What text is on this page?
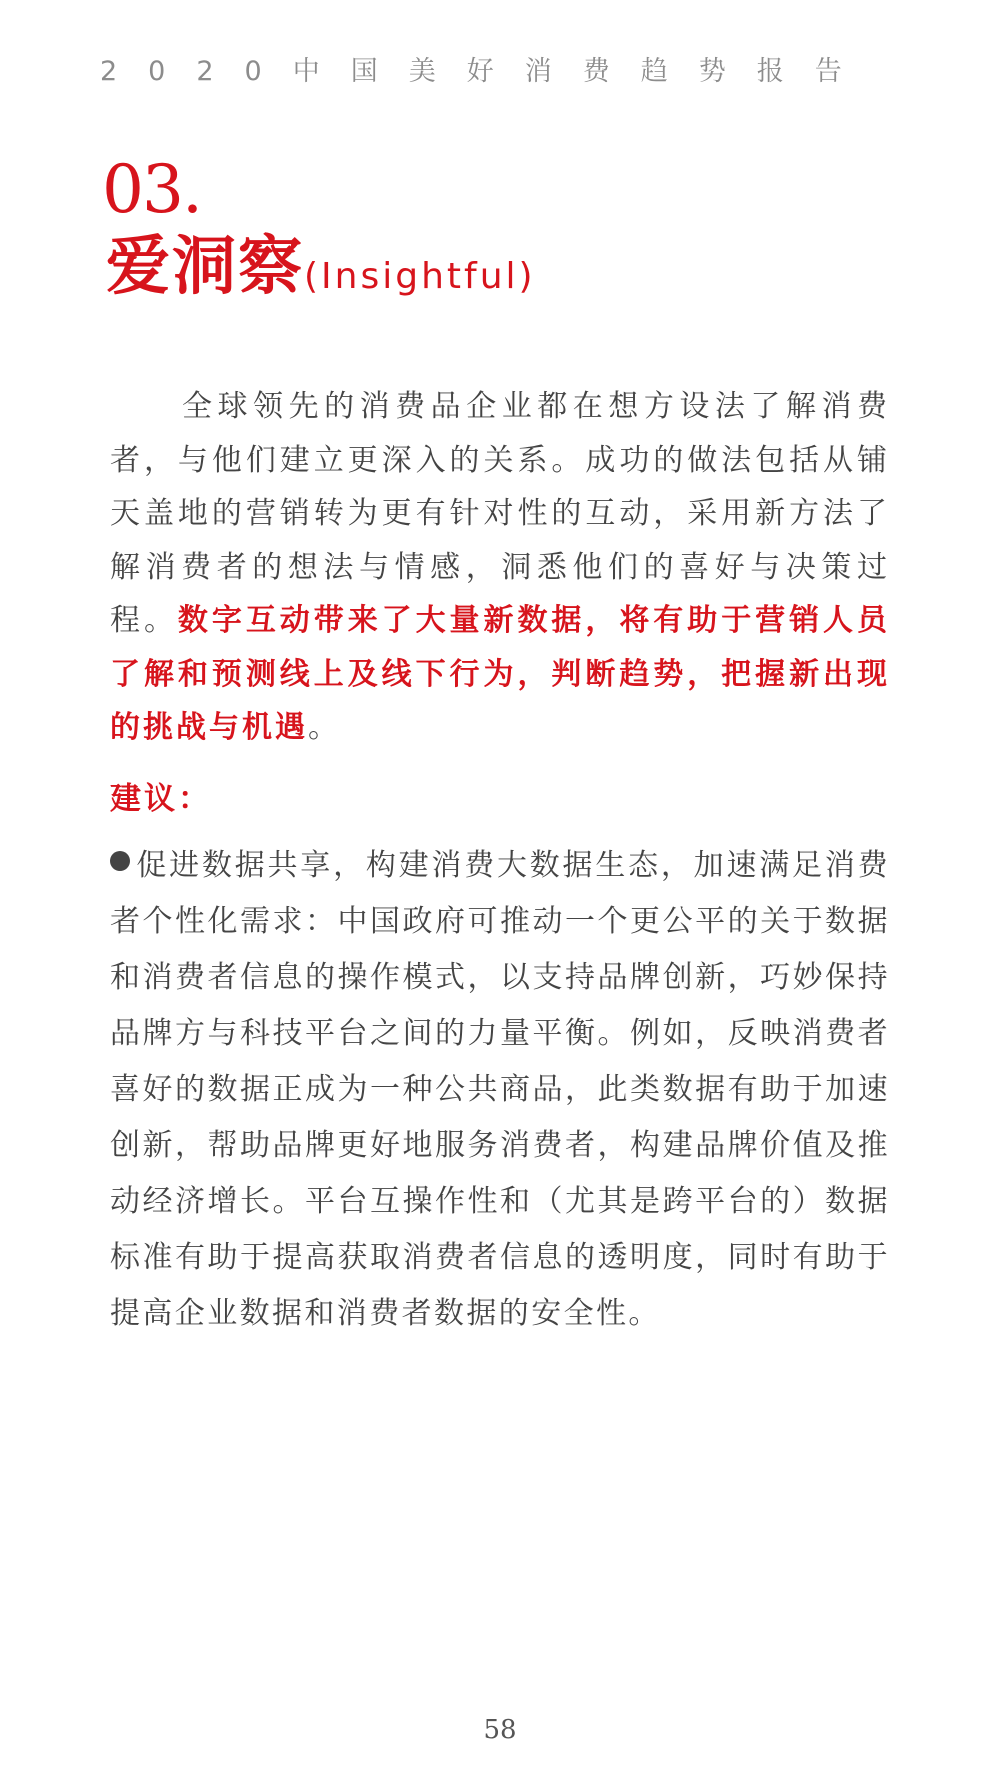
2020中国美好消费趋势报告
03.
爱洞察(Insightful)

全球领先的消费品企业都在想方设法了解消费者，与他们建立更深入的关系。成功的做法包括从铺天盖地的营销转为更有针对性的互动，采用新方法了解消费者的想法与情感，洞悉他们的喜好与决策过程。数字互动带来了大量新数据，将有助于营销人员了解和预测线上及线下行为，判断趋势，把握新出现的挑战与机遇。

建议：

促进数据共享，构建消费大数据生态，加速满足消费者个性化需求：中国政府可推动一个更公平的关于数据和消费者信息的操作模式，以支持品牌创新，巧妙保持品牌方与科技平台之间的力量平衡。例如，反映消费者喜好的数据正成为一种公共商品，此类数据有助于加速创新，帮助品牌更好地服务消费者，构建品牌价值及推动经济增长。平台互操作性和（尤其是跨平台的）数据标准有助于提高获取消费者信息的透明度，同时有助于提高企业数据和消费者数据的安全性。

58
